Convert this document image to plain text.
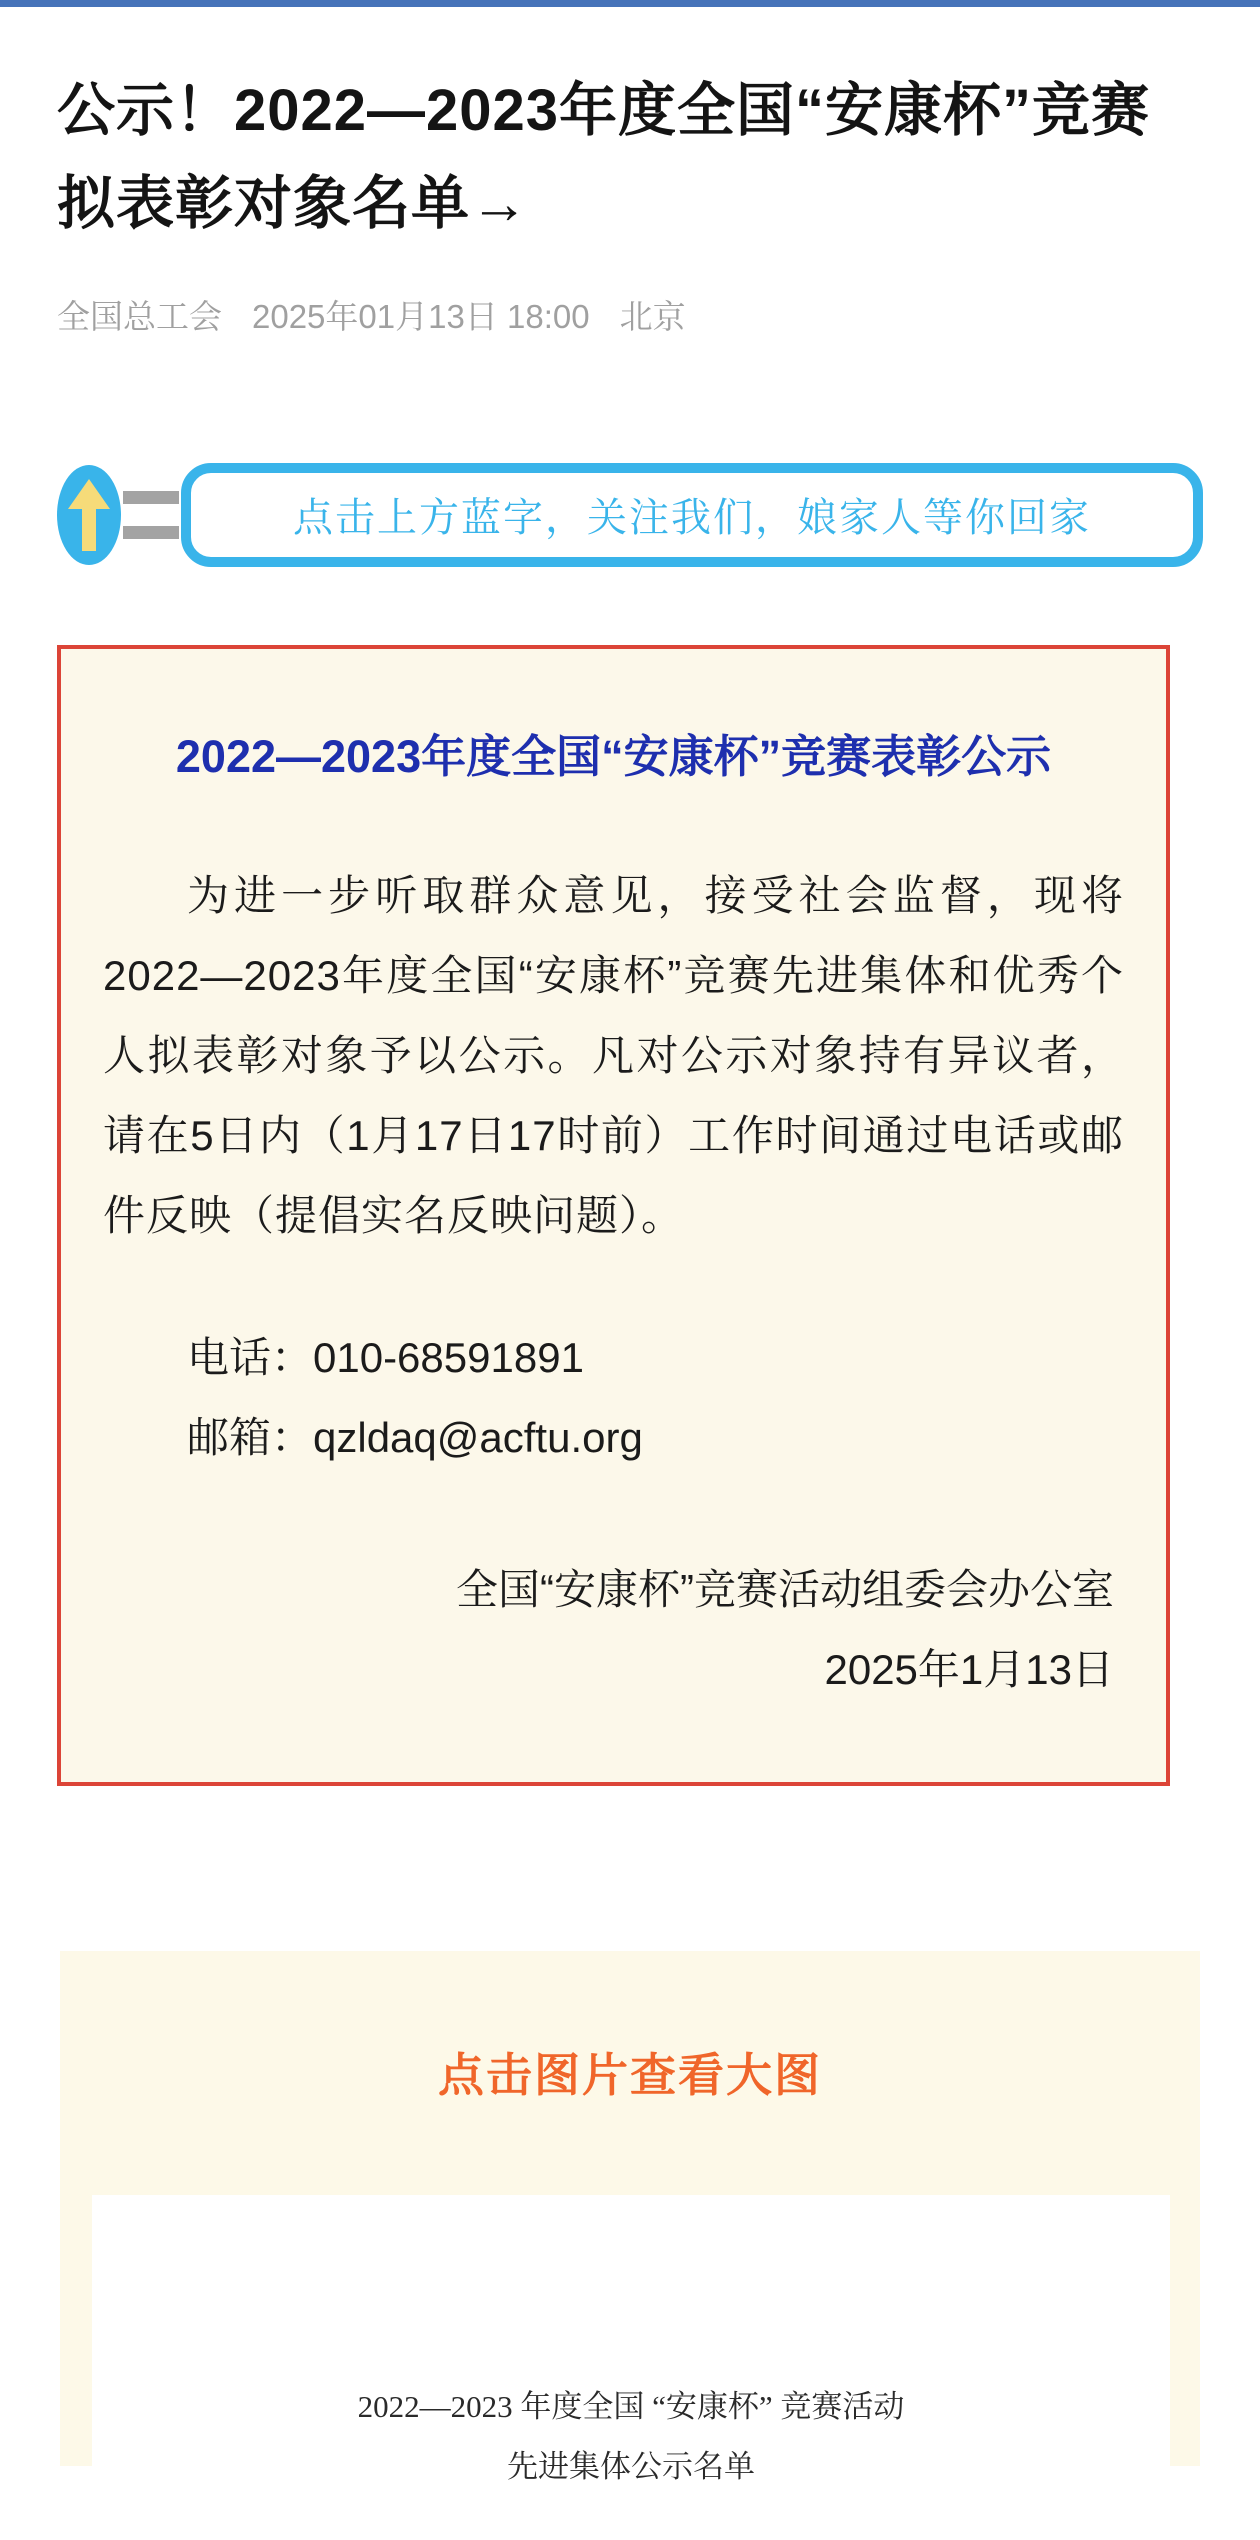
公示！2022—2023年度全国“安康杯”竞赛拟表彰对象名单→
全国总工会 2025年01月13日 18:00 北京
点击上方蓝字，关注我们，娘家人等你回家
2022—2023年度全国“安康杯”竞赛表彰公示
为进一步听取群众意见，接受社会监督，现将2022—2023年度全国“安康杯”竞赛先进集体和优秀个人拟表彰对象予以公示。凡对公示对象持有异议者，请在5日内（1月17日17时前）工作时间通过电话或邮件反映（提倡实名反映问题）。
电话：010-68591891
邮箱：qzldaq@acftu.org
全国“安康杯”竞赛活动组委会办公室
2025年1月13日
点击图片查看大图
2022—2023 年度全国 “安康杯” 竞赛活动
先进集体公示名单
